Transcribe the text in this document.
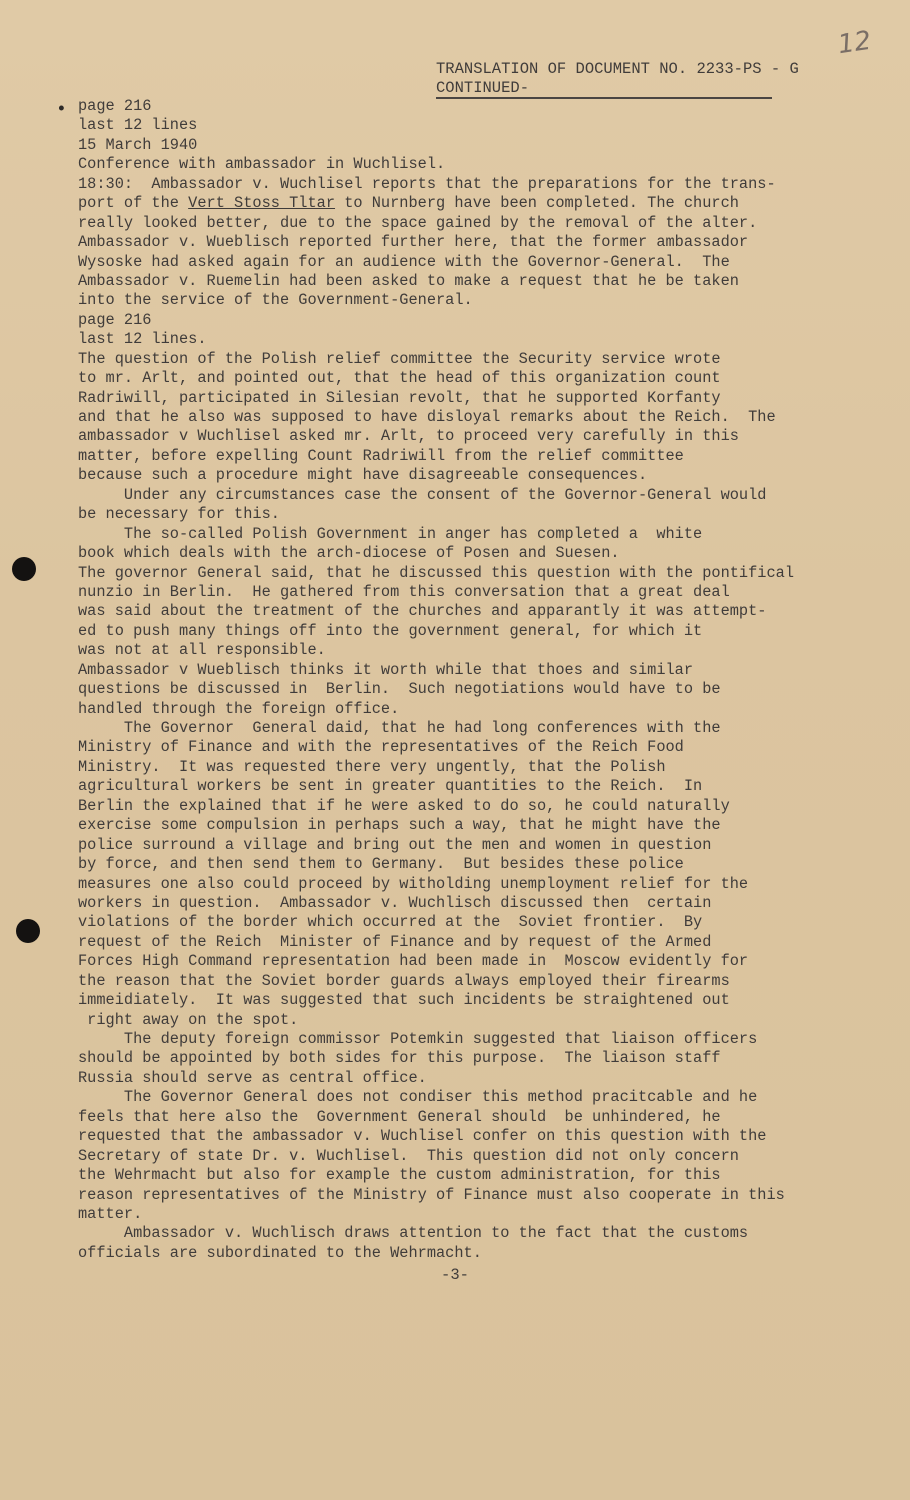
12
TRANSLATION OF DOCUMENT NO. 2233-PS - G
CONTINUED-
• page 216
last 12 lines
15 March 1940
Conference with ambassador in Wuchlisel.
18:30:  Ambassador v. Wuchlisel reports that the preparations for the trans-
port of the Vert Stoss Tltar to Nurnberg have been completed. The church
really looked better, due to the space gained by the removal of the alter.
Ambassador v. Wueblisch reported further here, that the former ambassador
Wysoske had asked again for an audience with the Governor-General.  The
Ambassador v. Ruemelin had been asked to make a request that he be taken
into the service of the Government-General.
page 216
last 12 lines.
The question of the Polish relief committee the Security service wrote
to mr. Arlt, and pointed out, that the head of this organization count
Radriwill, participated in Silesian revolt, that he supported Korfanty
and that he also was supposed to have disloyal remarks about the Reich.  The
ambassador v Wuchlisel asked mr. Arlt, to proceed very carefully in this
matter, before expelling Count Radriwill from the relief committee
because such a procedure might have disagreeable consequences.
Under any circumstances case the consent of the Governor-General would
be necessary for this.
The so-called Polish Government in anger has completed a  white
book which deals with the arch-diocese of Posen and Suesen.
The governor General said, that he discussed this question with the pontifical
nunzio in Berlin.  He gathered from this conversation that a great deal
was said about the treatment of the churches and apparantly it was attempt-
ed to push many things off into the government general, for which it
was not at all responsible.
Ambassador v Wueblisch thinks it worth while that thoes and similar
questions be discussed in  Berlin.  Such negotiations would have to be
handled through the foreign office.
The Governor  General daid, that he had long conferences with the
Ministry of Finance and with the representatives of the Reich Food
Ministry.  It was requested there very ungently, that the Polish
agricultural workers be sent in greater quantities to the Reich.  In
Berlin the explained that if he were asked to do so, he could naturally
exercise some compulsion in perhaps such a way, that he might have the
police surround a village and bring out the men and women in question
by force, and then send them to Germany.  But besides these police
measures one also could proceed by witholding unemployment relief for the
workers in question.  Ambassador v. Wuchlisch discussed then  certain
violations of the border which occurred at the  Soviet frontier.  By
request of the Reich  Minister of Finance and by request of the Armed
Forces High Command representation had been made in  Moscow evidently for
the reason that the Soviet border guards always employed their firearms
immeidiately.  It was suggested that such incidents be straightened out
right away on the spot.
The deputy foreign commissor Potemkin suggested that liaison officers
should be appointed by both sides for this purpose.  The liaison staff
Russia should serve as central office.
The Governor General does not condiser this method pracitcable and he
feels that here also the  Government General should  be unhindered, he
requested that the ambassador v. Wuchlisel confer on this question with the
Secretary of state Dr. v. Wuchlisel.  This question did not only concern
the Wehrmacht but also for example the custom administration, for this
reason representatives of the Ministry of Finance must also cooperate in this
matter.
Ambassador v. Wuchlisch draws attention to the fact that the customs
officials are subordinated to the Wehrmacht.
-3-
